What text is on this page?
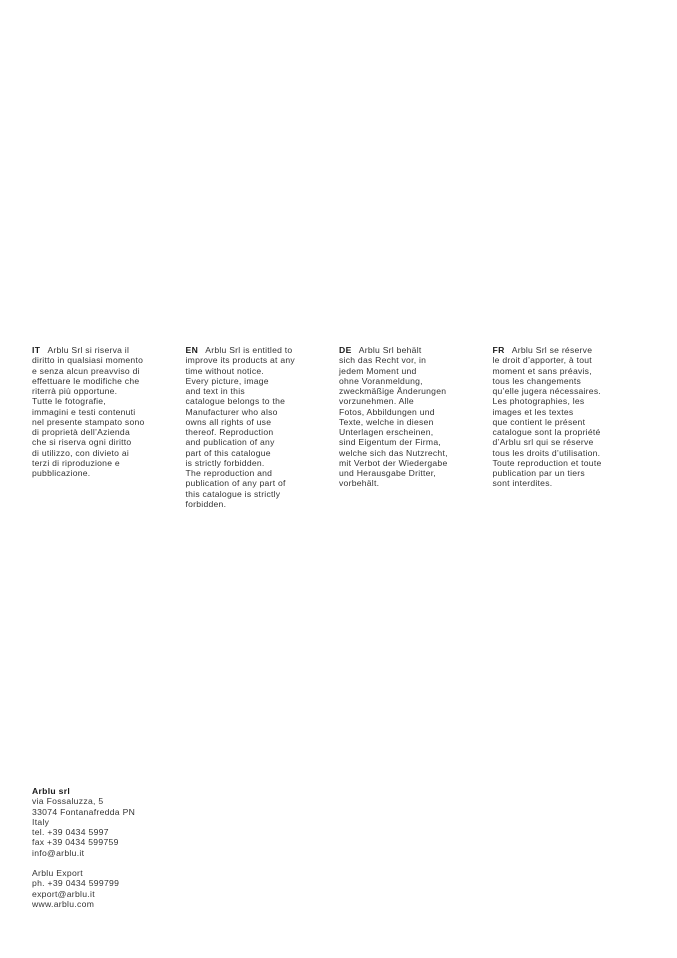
IT Arblu Srl si riserva il
diritto in qualsiasi momento
e senza alcun preavviso di
effettuare le modifiche che
riterrà più opportune.
Tutte le fotografie,
immagini e testi contenuti
nel presente stampato sono
di proprietà dell’Azienda
che si riserva ogni diritto
di utilizzo, con divieto ai
terzi di riproduzione e
pubblicazione.
EN Arblu Srl is entitled to
improve its products at any
time without notice.
Every picture, image
and text in this
catalogue belongs to the
Manufacturer who also
owns all rights of use
thereof. Reproduction
and publication of any
part of this catalogue
is strictly forbidden.
The reproduction and
publication of any part of
this catalogue is strictly
forbidden.
DE Arblu Srl behält
sich das Recht vor, in
jedem Moment und
ohne Voranmeldung,
zweckmäßige Änderungen
vorzunehmen. Alle
Fotos, Abbildungen und
Texte, welche in diesen
Unterlagen erscheinen,
sind Eigentum der Firma,
welche sich das Nutzrecht,
mit Verbot der Wiedergabe
und Herausgabe Dritter,
vorbehält.
FR Arblu Srl se réserve
le droit d’apporter, à tout
moment et sans préavis,
tous les changements
qu’elle jugera nécessaires.
Les photographies, les
images et les textes
que contient le présent
catalogue sont la propriété
d’Arblu srl qui se réserve
tous les droits d’utilisation.
Toute reproduction et toute
publication par un tiers
sont interdites.
Arblu srl
via Fossaluzza, 5
33074 Fontanafredda PN
Italy
tel. +39 0434 5997
fax +39 0434 599759
info@arblu.it
Arblu Export
ph. +39 0434 599799
export@arblu.it
www.arblu.com
